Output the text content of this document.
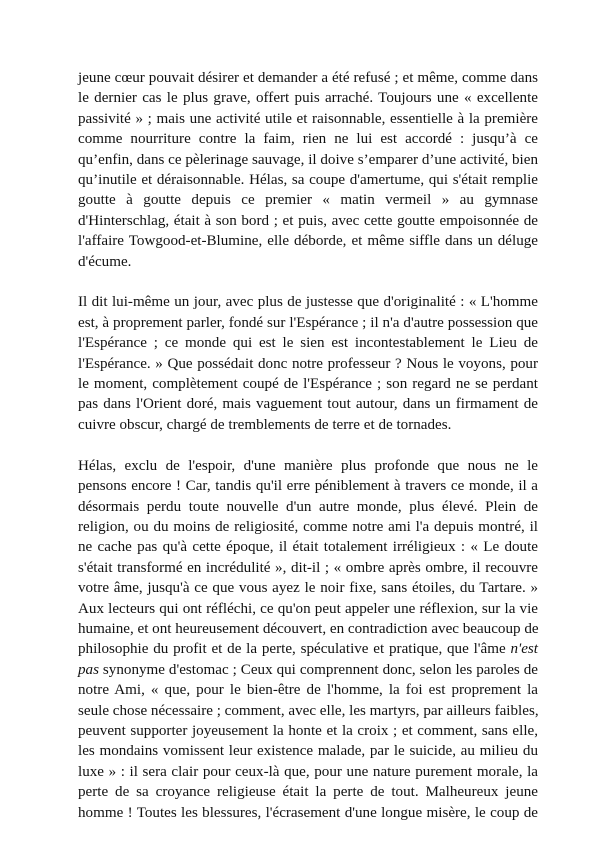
jeune cœur pouvait désirer et demander a été refusé ; et même, comme dans
le dernier cas le plus grave, offert puis arraché. Toujours une « excellente
passivité » ; mais une activité utile et raisonnable, essentielle à la première
comme nourriture contre la faim, rien ne lui est accordé : jusqu’à ce
qu’enfin, dans ce pèlerinage sauvage, il doive s’emparer d’une activité, bien
qu’inutile et déraisonnable. Hélas, sa coupe d'amertume, qui s'était remplie
goutte à goutte depuis ce premier « matin vermeil » au gymnase
d'Hinterschlag, était à son bord ; et puis, avec cette goutte empoisonnée de
l'affaire Towgood-et-Blumine, elle déborde, et même siffle dans un déluge
d'écume.
Il dit lui-même un jour, avec plus de justesse que d'originalité : « L'homme
est, à proprement parler, fondé sur l'Espérance ; il n'a d'autre possession que
l'Espérance ; ce monde qui est le sien est incontestablement le Lieu de
l'Espérance. » Que possédait donc notre professeur ? Nous le voyons, pour
le moment, complètement coupé de l'Espérance ; son regard ne se perdant
pas dans l'Orient doré, mais vaguement tout autour, dans un firmament de
cuivre obscur, chargé de tremblements de terre et de tornades.
Hélas, exclu de l'espoir, d'une manière plus profonde que nous ne le
pensons encore ! Car, tandis qu'il erre péniblement à travers ce monde, il a
désormais perdu toute nouvelle d'un autre monde, plus élevé. Plein de
religion, ou du moins de religiosité, comme notre ami l'a depuis montré, il
ne cache pas qu'à cette époque, il était totalement irréligieux : « Le doute
s'était transformé en incrédulité », dit-il ; « ombre après ombre, il recouvre
votre âme, jusqu'à ce que vous ayez le noir fixe, sans étoiles, du Tartare. »
Aux lecteurs qui ont réfléchi, ce qu'on peut appeler une réflexion, sur la vie
humaine, et ont heureusement découvert, en contradiction avec beaucoup de
philosophie du profit et de la perte, spéculative et pratique, que l'âme n'est
pas synonyme d'estomac ; Ceux qui comprennent donc, selon les paroles de
notre Ami, « que, pour le bien-être de l'homme, la foi est proprement la
seule chose nécessaire ; comment, avec elle, les martyrs, par ailleurs faibles,
peuvent supporter joyeusement la honte et la croix ; et comment, sans elle,
les mondains vomissent leur existence malade, par le suicide, au milieu du
luxe » : il sera clair pour ceux-là que, pour une nature purement morale, la
perte de sa croyance religieuse était la perte de tout. Malheureux jeune
homme ! Toutes les blessures, l'écrasement d'une longue misère, le coup de
